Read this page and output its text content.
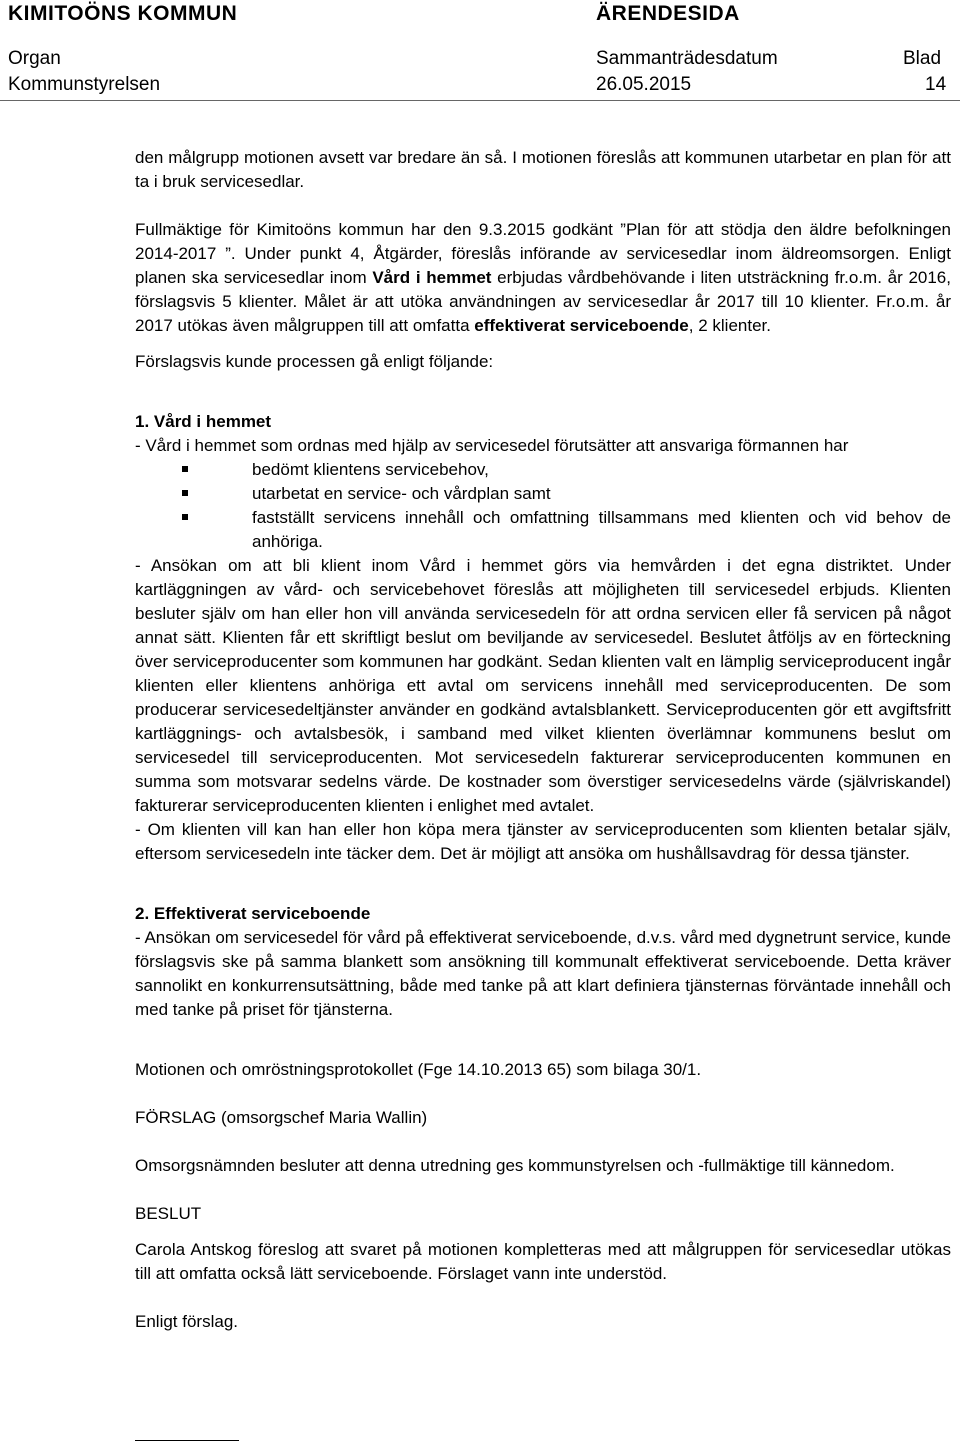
KIMITOÖNS KOMMUN	ÄRENDESIDA
Organ	Sammanträdesdatum	Blad
Kommunstyrelsen	26.05.2015	14

den målgrupp motionen avsett var bredare än så. I motionen föreslås att kommunen utarbetar en plan för att ta i bruk servicesedlar.

Fullmäktige för Kimitoöns kommun har den 9.3.2015 godkänt ”Plan för att stödja den äldre befolkningen 2014-2017 ”. Under punkt 4, Åtgärder, föreslås införande av servicesedlar inom äldreomsorgen. Enligt planen ska servicesedlar inom Vård i hemmet erbjudas vårdbehövande i liten utsträckning fr.o.m. år 2016, förslagsvis 5 klienter. Målet är att utöka användningen av servicesedlar år 2017 till 10 klienter. Fr.o.m. år 2017 utökas även målgruppen till att omfatta effektiverat serviceboende, 2 klienter.

Förslagsvis kunde processen gå enligt följande:

1. Vård i hemmet

- Vård i hemmet som ordnas med hjälp av servicesedel förutsätter att ansvariga förmannen har

bedömt klientens servicebehov,
utarbetat en service- och vårdplan samt
fastställt servicens innehåll och omfattning tillsammans med klienten och vid behov de anhöriga.

- Ansökan om att bli klient inom Vård i hemmet görs via hemvården i det egna distriktet. Under kartläggningen av vård- och servicebehovet föreslås att möjligheten till servicesedel erbjuds. Klienten besluter själv om han eller hon vill använda servicesedeln för att ordna servicen eller få servicen på något annat sätt. Klienten får ett skriftligt beslut om beviljande av servicesedel. Beslutet åtföljs av en förteckning över serviceproducenter som kommunen har godkänt. Sedan klienten valt en lämplig serviceproducent ingår klienten eller klientens anhöriga ett avtal om servicens innehåll med serviceproducenten. De som producerar servicesedeltjänster använder en godkänd avtalsblankett. Serviceproducenten gör ett avgiftsfritt kartläggnings- och avtalsbesök, i samband med vilket klienten överlämnar kommunens beslut om servicesedel till serviceproducenten. Mot servicesedeln fakturerar serviceproducenten kommunen en summa som motsvarar sedelns värde. De kostnader som överstiger servicesedelns värde (självriskandel) fakturerar serviceproducenten klienten i enlighet med avtalet.

- Om klienten vill kan han eller hon köpa mera tjänster av serviceproducenten som klienten betalar själv, eftersom servicesedeln inte täcker dem. Det är möjligt att ansöka om hushållsavdrag för dessa tjänster.

2. Effektiverat serviceboende

- Ansökan om servicesedel för vård på effektiverat serviceboende, d.v.s. vård med dygnetrunt service, kunde förslagsvis ske på samma blankett som ansökning till kommunalt effektiverat serviceboende. Detta kräver sannolikt en konkurrensutsättning, både med tanke på att klart definiera tjänsternas förväntade innehåll och med tanke på priset för tjänsterna.

Motionen och omröstningsprotokollet (Fge 14.10.2013 65) som bilaga 30/1.

FÖRSLAG (omsorgschef Maria Wallin)

Omsorgsnämnden besluter att denna utredning ges kommunstyrelsen och -fullmäktige till kännedom.

BESLUT

Carola Antskog föreslog att svaret på motionen kompletteras med att målgruppen för servicesedlar utökas till att omfatta också lätt serviceboende. Förslaget vann inte understöd.

Enligt förslag.
